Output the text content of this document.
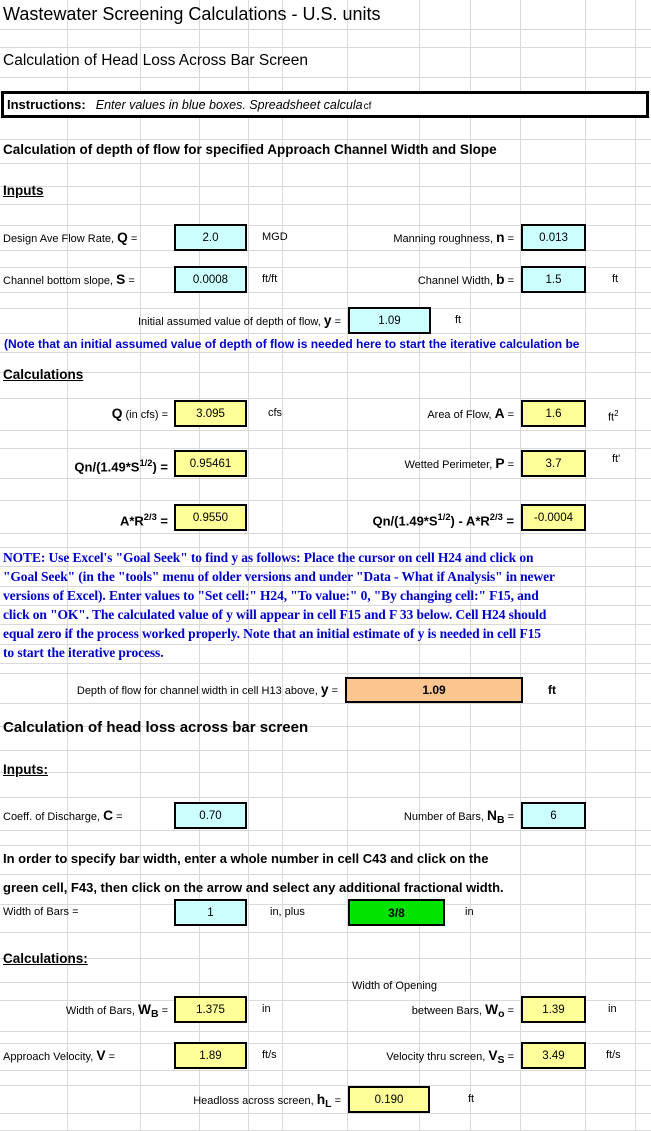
Wastewater Screening Calculations - U.S. units
Calculation of Head Loss Across Bar Screen
Instructions: Enter values in blue boxes. Spreadsheet calcula cf
Calculation of depth of flow for specified Approach Channel Width and Slope
Inputs
Design Ave Flow Rate, Q =	2.0	MGD	Manning roughness, n =	0.013
Channel bottom slope, S =	0.0008	ft/ft	Channel Width, b =	1.5	ft
Initial assumed value of depth of flow, y =	1.09	ft
(Note that an initial assumed value of depth of flow is needed here to start the iterative calculation be
Calculations
Q (in cfs) =	3.095	cfs	Area of Flow, A =	1.6	$ft^2$
$Qn/(1.49*S^{1/2})$ =	0.95461	Wetted Perimeter, P =	3.7	ft'
$A*R^{2/3}$ =	0.9550	$Qn/(1.49*S^{1/2}) - A*R^{2/3}$ =	-0.0004
NOTE: Use Excel's "Goal Seek" to find y as follows: Place the cursor on cell H24 and click on
"Goal Seek" (in the "tools" menu of older versions and under "Data - What if Analysis" in newer
versions of Excel). Enter values to "Set cell:" H24, "To value:" 0, "By changing cell:" F15, and
click on "OK". The calculated value of y will appear in cell F15 and F 33 below. Cell H24 should
equal zero if the process worked properly. Note that an initial estimate of y is needed in cell F15
to start the iterative process.
Depth of flow for channel width in cell H13 above, y =	1.09	ft
Calculation of head loss across bar screen
Inputs:
Coeff. of Discharge, C =	0.70	Number of Bars, $N_B$ =	6
In order to specify bar width, enter a whole number in cell C43 and click on the
green cell, F43, then click on the arrow and select any additional fractional width.
Width of Bars =	1	in, plus	3/8	in
Calculations:
Width of Opening
Width of Bars, $W_B$ =	1.375	in	between Bars, $W_o$ =	1.39	in
Approach Velocity, V =	1.89	ft/s	Velocity thru screen, $V_S$ =	3.49	ft/s
Headloss across screen, $h_L$ =	0.190	ft
